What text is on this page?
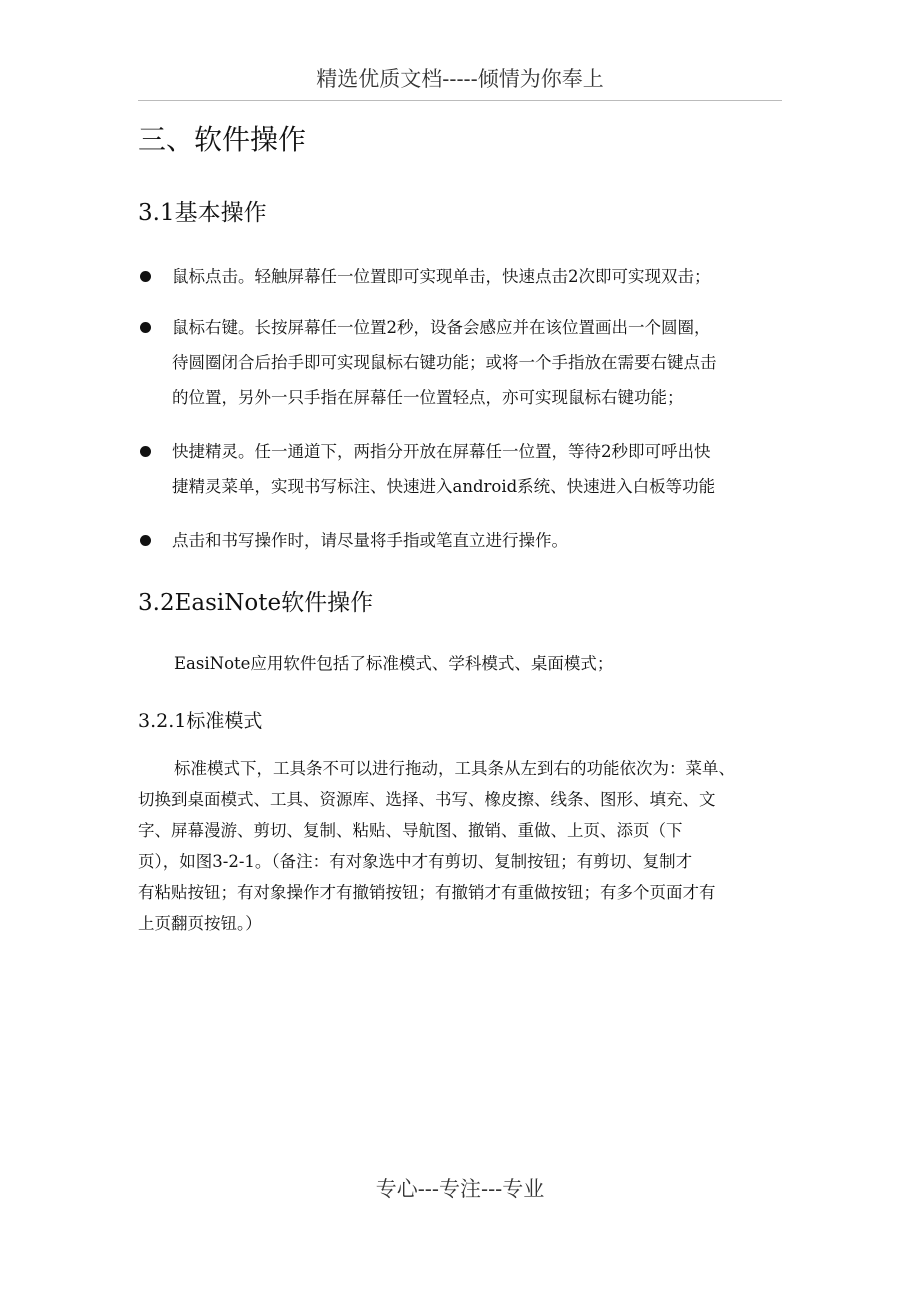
精选优质文档-----倾情为你奉上
三、软件操作
3.1基本操作
鼠标点击。轻触屏幕任一位置即可实现单击，快速点击2次即可实现双击；
鼠标右键。长按屏幕任一位置2秒，设备会感应并在该位置画出一个圆圈，
待圆圈闭合后抬手即可实现鼠标右键功能；或将一个手指放在需要右键点击
的位置，另外一只手指在屏幕任一位置轻点，亦可实现鼠标右键功能；
快捷精灵。任一通道下，两指分开放在屏幕任一位置，等待2秒即可呼出快
捷精灵菜单，实现书写标注、快速进入android系统、快速进入白板等功能
点击和书写操作时，请尽量将手指或笔直立进行操作。
3.2EasiNote软件操作
EasiNote应用软件包括了标准模式、学科模式、桌面模式；
3.2.1标准模式
标准模式下，工具条不可以进行拖动，工具条从左到右的功能依次为：菜单、
切换到桌面模式、工具、资源库、选择、书写、橡皮擦、线条、图形、填充、文
字、屏幕漫游、剪切、复制、粘贴、导航图、撤销、重做、上页、添页（下
页），如图3-2-1。（备注：有对象选中才有剪切、复制按钮；有剪切、复制才
有粘贴按钮；有对象操作才有撤销按钮；有撤销才有重做按钮；有多个页面才有
上页翻页按钮。）
专心---专注---专业
